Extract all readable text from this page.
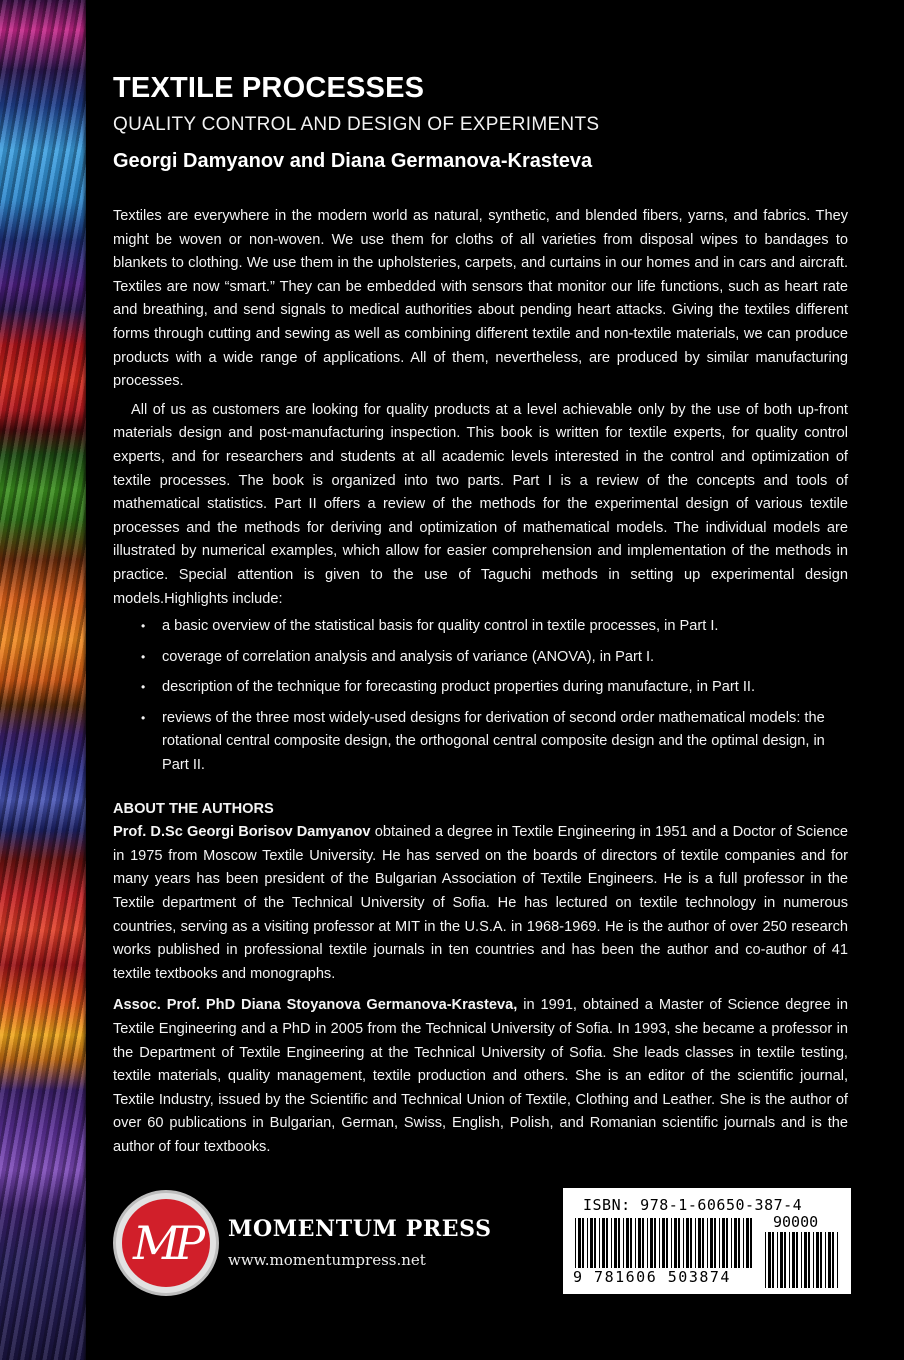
TEXTILE PROCESSES
QUALITY CONTROL AND DESIGN OF EXPERIMENTS
Georgi Damyanov and Diana Germanova-Krasteva

Textiles are everywhere in the modern world as natural, synthetic, and blended fibers, yarns, and fabrics. They might be woven or non-woven. We use them for cloths of all varieties from disposal wipes to bandages to blankets to clothing. We use them in the upholsteries, carpets, and curtains in our homes and in cars and aircraft. Textiles are now “smart.” They can be embedded with sensors that monitor our life functions, such as heart rate and breathing, and send signals to medical authorities about pending heart attacks. Giving the textiles different forms through cutting and sewing as well as combining different textile and non-textile materials, we can produce products with a wide range of applications. All of them, nevertheless, are produced by similar manufacturing processes.

All of us as customers are looking for quality products at a level achievable only by the use of both up-front materials design and post-manufacturing inspection. This book is written for textile experts, for quality control experts, and for researchers and students at all academic levels interested in the control and optimization of textile processes. The book is organized into two parts. Part I is a review of the concepts and tools of mathematical statistics. Part II offers a review of the methods for the experimental design of various textile processes and the methods for deriving and optimization of mathematical models. The individual models are illustrated by numerical examples, which allow for easier comprehension and implementation of the methods in practice. Special attention is given to the use of Taguchi methods in setting up experimental design models.Highlights include:

• a basic overview of the statistical basis for quality control in textile processes, in Part I.
• coverage of correlation analysis and analysis of variance (ANOVA), in Part I.
• description of the technique for forecasting product properties during manufacture, in Part II.
• reviews of the three most widely-used designs for derivation of second order mathematical models: the rotational central composite design, the orthogonal central composite design and the optimal design, in Part II.
ABOUT THE AUTHORS

Prof. D.Sc Georgi Borisov Damyanov obtained a degree in Textile Engineering in 1951 and a Doctor of Science in 1975 from Moscow Textile University. He has served on the boards of directors of textile companies and for many years has been president of the Bulgarian Association of Textile Engineers. He is a full professor in the Textile department of the Technical University of Sofia. He has lectured on textile technology in numerous countries, serving as a visiting professor at MIT in the U.S.A. in 1968-1969. He is the author of over 250 research works published in professional textile journals in ten countries and has been the author and co-author of 41 textile textbooks and monographs.

Assoc. Prof. PhD Diana Stoyanova Germanova-Krasteva, in 1991, obtained a Master of Science degree in Textile Engineering and a PhD in 2005 from the Technical University of Sofia. In 1993, she became a professor in the Department of Textile Engineering at the Technical University of Sofia. She leads classes in textile testing, textile materials, quality management, textile production and others. She is an editor of the scientific journal, Textile Industry, issued by the Scientific and Technical Union of Textile, Clothing and Leather. She is the author of over 60 publications in Bulgarian, German, Swiss, English, Polish, and Romanian scientific journals and is the author of four textbooks.

MP	MOMENTUM PRESS
www.momentumpress.net
ISBN: 978-1-60650-387-4
90000
9 781606 503874
